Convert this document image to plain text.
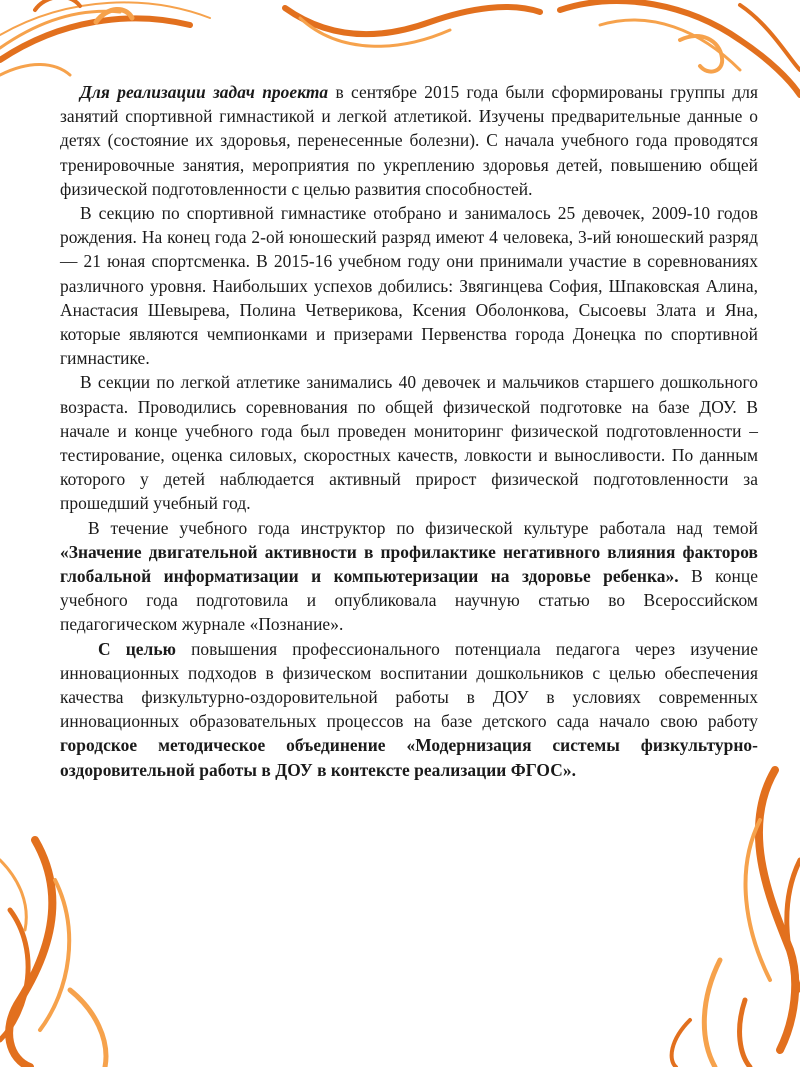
Для реализации задач проекта в сентябре 2015 года были сформированы группы для занятий спортивной гимнастикой и легкой атлетикой. Изучены предварительные данные о детях (состояние их здоровья, перенесенные болезни). С начала учебного года проводятся тренировочные занятия, мероприятия по укреплению здоровья детей, повышению общей физической подготовленности с целью развития способностей.

В секцию по спортивной гимнастике отобрано и занималось 25 девочек, 2009-10 годов рождения. На конец года 2-ой юношеский разряд имеют 4 человека, 3-ий юношеский разряд — 21 юная спортсменка. В 2015-16 учебном году они принимали участие в соревнованиях различного уровня. Наибольших успехов добились: Звягинцева София, Шпаковская Алина, Анастасия Шевырева, Полина Четверикова, Ксения Оболонкова, Сысоевы Злата и Яна, которые являются чемпионками и призерами Первенства города Донецка по спортивной гимнастике.

В секции по легкой атлетике занимались 40 девочек и мальчиков старшего дошкольного возраста. Проводились соревнования по общей физической подготовке на базе ДОУ. В начале и конце учебного года был проведен мониторинг физической подготовленности – тестирование, оценка силовых, скоростных качеств, ловкости и выносливости. По данным которого у детей наблюдается активный прирост физической подготовленности за прошедший учебный год.

В течение учебного года инструктор по физической культуре работала над темой «Значение двигательной активности в профилактике негативного влияния факторов глобальной информатизации и компьютеризации на здоровье ребенка». В конце учебного года подготовила и опубликовала научную статью во Всероссийском педагогическом журнале «Познание».

С целью повышения профессионального потенциала педагога через изучение инновационных подходов в физическом воспитании дошкольников с целью обеспечения качества физкультурно-оздоровительной работы в ДОУ в условиях современных инновационных образовательных процессов на базе детского сада начало свою работу городское методическое объединение «Модернизация системы физкультурно-оздоровительной работы в ДОУ в контексте реализации ФГОС».
